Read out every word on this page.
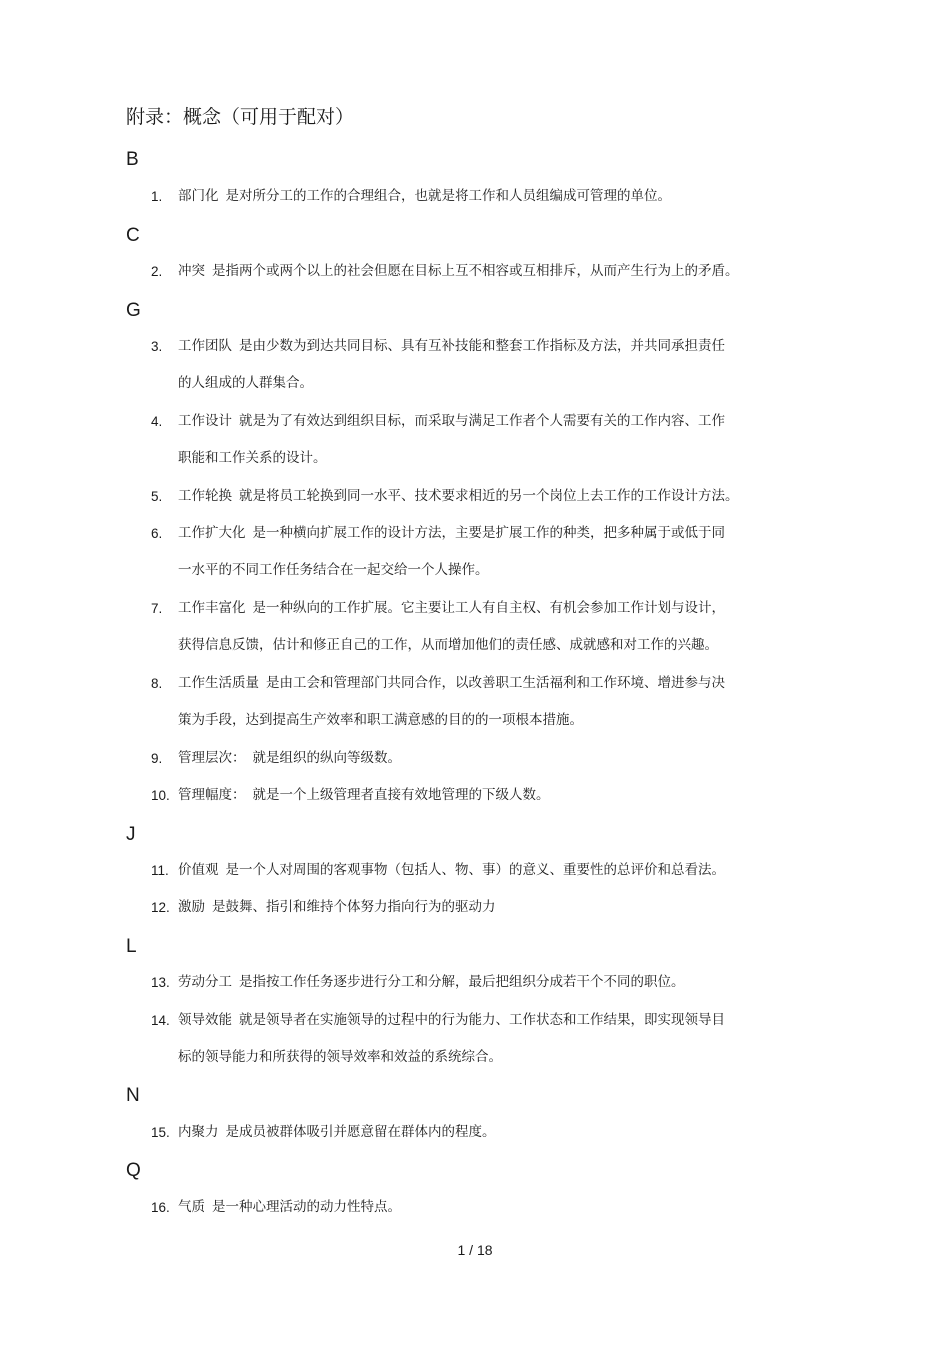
附录：概念（可用于配对）
B
1. 部门化 是对所分工的工作的合理组合，也就是将工作和人员组编成可管理的单位。
C
2. 冲突 是指两个或两个以上的社会但愿在目标上互不相容或互相排斥，从而产生行为上的矛盾。
G
3. 工作团队 是由少数为到达共同目标、具有互补技能和整套工作指标及方法，并共同承担责任
的人组成的人群集合。
4. 工作设计 就是为了有效达到组织目标，而采取与满足工作者个人需要有关的工作内容、工作
职能和工作关系的设计。
5. 工作轮换 就是将员工轮换到同一水平、技术要求相近的另一个岗位上去工作的工作设计方法。
6. 工作扩大化 是一种横向扩展工作的设计方法，主要是扩展工作的种类，把多种属于或低于同
一水平的不同工作任务结合在一起交给一个人操作。
7. 工作丰富化 是一种纵向的工作扩展。它主要让工人有自主权、有机会参加工作计划与设计，
获得信息反馈，估计和修正自己的工作，从而增加他们的责任感、成就感和对工作的兴趣。
8. 工作生活质量 是由工会和管理部门共同合作，以改善职工生活福利和工作环境、增进参与决
策为手段，达到提高生产效率和职工满意感的目的的一项根本措施。
9. 管理层次： 就是组织的纵向等级数。
10. 管理幅度： 就是一个上级管理者直接有效地管理的下级人数。
J
11. 价值观 是一个人对周围的客观事物（包括人、物、事）的意义、重要性的总评价和总看法。
12. 激励 是鼓舞、指引和维持个体努力指向行为的驱动力
L
13. 劳动分工 是指按工作任务逐步进行分工和分解，最后把组织分成若干个不同的职位。
14. 领导效能 就是领导者在实施领导的过程中的行为能力、工作状态和工作结果，即实现领导目
标的领导能力和所获得的领导效率和效益的系统综合。
N
15. 内聚力 是成员被群体吸引并愿意留在群体内的程度。
Q
16. 气质 是一种心理活动的动力性特点。
1 / 18
